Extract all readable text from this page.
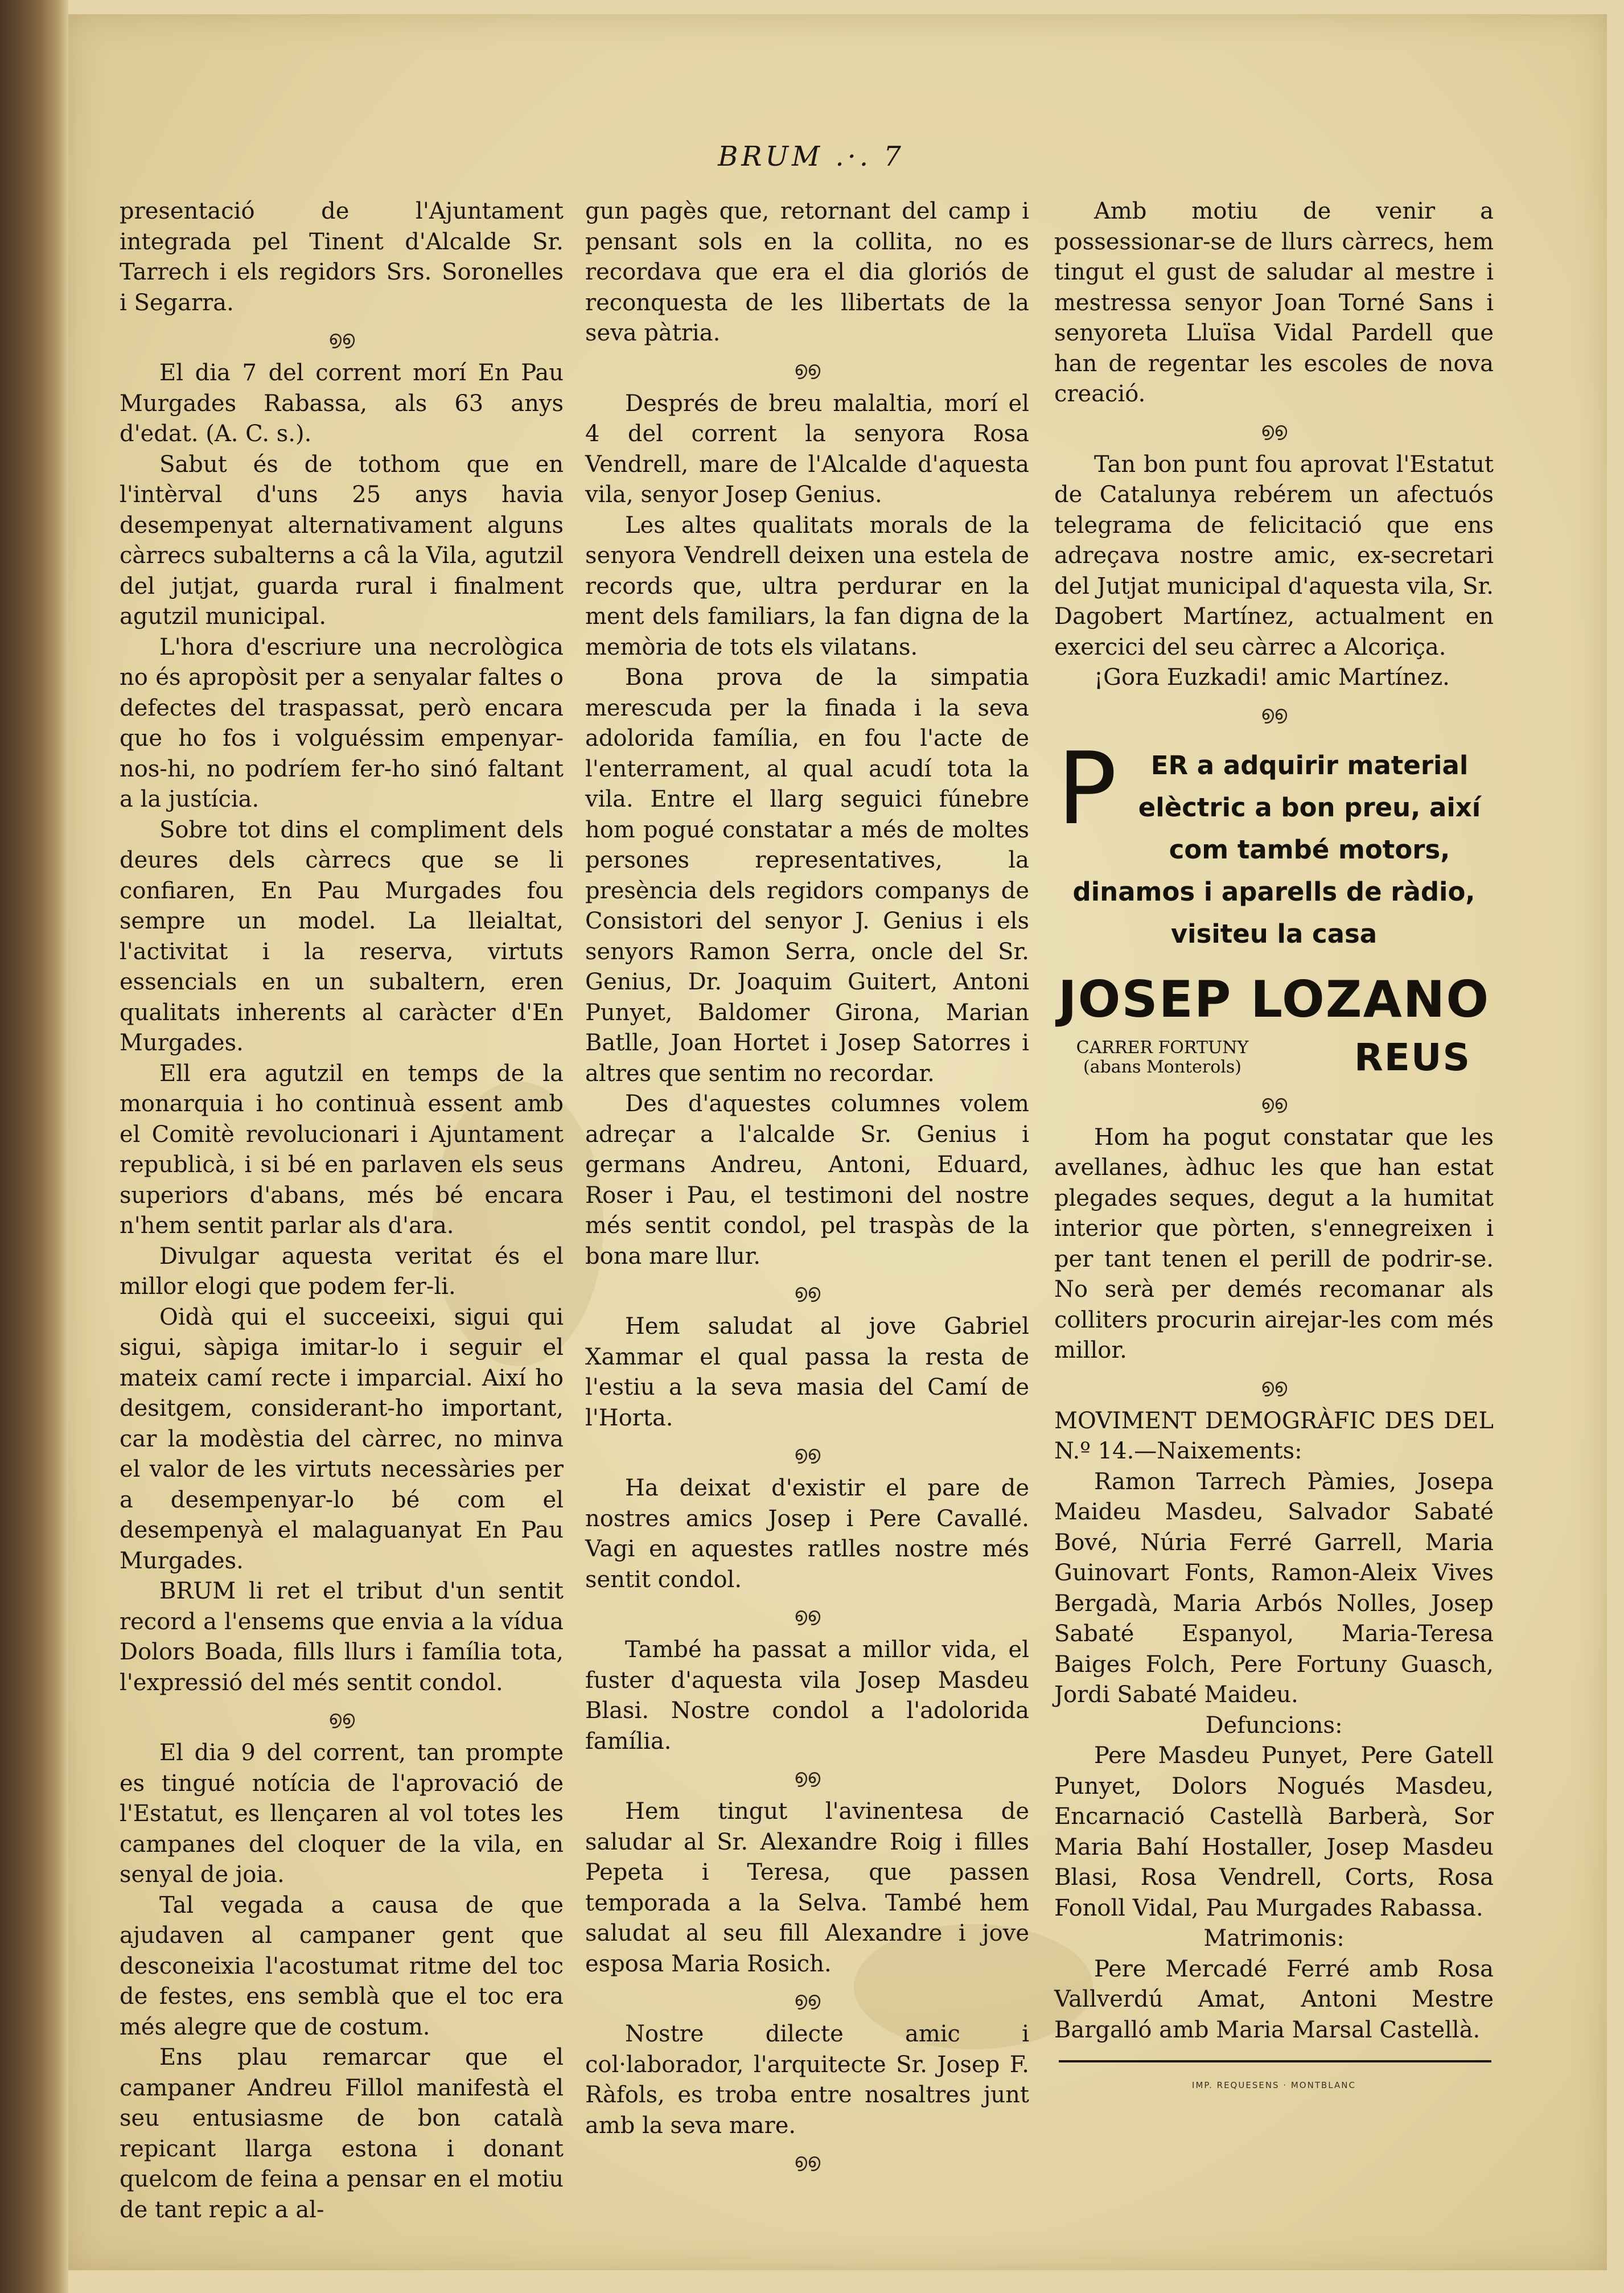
BRUM .·. 7

presentació de l'Ajuntament integrada pel Tinent d'Alcalde Sr. Tarrech i els regidors Srs. Soronelles i Segarra.

൭൭

El dia 7 del corrent morí En Pau Murgades Rabassa, als 63 anys d'edat. (A. C. s.).

Sabut és de tothom que en l'intèrval d'uns 25 anys havia desempenyat alternativament alguns càrrecs subalterns a câ la Vila, agutzil del jutjat, guarda rural i finalment agutzil municipal.

L'hora d'escriure una necrològica no és apropòsit per a senyalar faltes o defectes del traspassat, però encara que ho fos i volguéssim empenyar-nos-hi, no podríem fer-ho sinó faltant a la justícia.

Sobre tot dins el compliment dels deures dels càrrecs que se li confiaren, En Pau Murgades fou sempre un model. La lleialtat, l'activitat i la reserva, virtuts essencials en un subaltern, eren qualitats inherents al caràcter d'En Murgades.

Ell era agutzil en temps de la monarquia i ho continuà essent amb el Comitè revolucionari i Ajuntament republicà, i si bé en parlaven els seus superiors d'abans, més bé encara n'hem sentit parlar als d'ara.

Divulgar aquesta veritat és el millor elogi que podem fer-li.

Oidà qui el succeeixi, sigui qui sigui, sàpiga imitar-lo i seguir el mateix camí recte i imparcial. Així ho desitgem, considerant-ho important, car la modèstia del càrrec, no minva el valor de les virtuts necessàries per a desempenyar-lo bé com el desempenyà el malaguanyat En Pau Murgades.

BRUM li ret el tribut d'un sentit record a l'ensems que envia a la vídua Dolors Boada, fills llurs i família tota, l'expressió del més sentit condol.

൭൭

El dia 9 del corrent, tan prompte es tingué notícia de l'aprovació de l'Estatut, es llençaren al vol totes les campanes del cloquer de la vila, en senyal de joia.

Tal vegada a causa de que ajudaven al campaner gent que desconeixia l'acostumat ritme del toc de festes, ens semblà que el toc era més alegre que de costum.

Ens plau remarcar que el campaner Andreu Fillol manifestà el seu entusiasme de bon català repicant llarga estona i donant quelcom de feina a pensar en el motiu de tant repic a al-

gun pagès que, retornant del camp i pensant sols en la collita, no es recordava que era el dia gloriós de reconquesta de les llibertats de la seva pàtria.

൭൭

Després de breu malaltia, morí el 4 del corrent la senyora Rosa Vendrell, mare de l'Alcalde d'aquesta vila, senyor Josep Genius.

Les altes qualitats morals de la senyora Vendrell deixen una estela de records que, ultra perdurar en la ment dels familiars, la fan digna de la memòria de tots els vilatans.

Bona prova de la simpatia merescuda per la finada i la seva adolorida família, en fou l'acte de l'enterrament, al qual acudí tota la vila. Entre el llarg seguici fúnebre hom pogué constatar a més de moltes persones representatives, la presència dels regidors companys de Consistori del senyor J. Genius i els senyors Ramon Serra, oncle del Sr. Genius, Dr. Joaquim Guitert, Antoni Punyet, Baldomer Girona, Marian Batlle, Joan Hortet i Josep Satorres i altres que sentim no recordar.

Des d'aquestes columnes volem adreçar a l'alcalde Sr. Genius i germans Andreu, Antoni, Eduard, Roser i Pau, el testimoni del nostre més sentit condol, pel traspàs de la bona mare llur.

൭൭

Hem saludat al jove Gabriel Xammar el qual passa la resta de l'estiu a la seva masia del Camí de l'Horta.

൭൭

Ha deixat d'existir el pare de nostres amics Josep i Pere Cavallé. Vagi en aquestes ratlles nostre més sentit condol.

൭൭

També ha passat a millor vida, el fuster d'aquesta vila Josep Masdeu Blasi. Nostre condol a l'adolorida família.

൭൭

Hem tingut l'avinentesa de saludar al Sr. Alexandre Roig i filles Pepeta i Teresa, que passen temporada a la Selva. També hem saludat al seu fill Alexandre i jove esposa Maria Rosich.

൭൭

Nostre dilecte amic i col·laborador, l'arquitecte Sr. Josep F. Ràfols, es troba entre nosaltres junt amb la seva mare.

൭൭

Amb motiu de venir a possessionar-se de llurs càrrecs, hem tingut el gust de saludar al mestre i mestressa senyor Joan Torné Sans i senyoreta Lluïsa Vidal Pardell que han de regentar les escoles de nova creació.

൭൭

Tan bon punt fou aprovat l'Estatut de Catalunya rebérem un afectuós telegrama de felicitació que ens adreçava nostre amic, ex-secretari del Jutjat municipal d'aquesta vila, Sr. Dagobert Martínez, actualment en exercici del seu càrrec a Alcoriça.

¡Gora Euzkadi! amic Martínez.

൭൭
P ER a adquirir material elèctric a bon preu, així com també motors, dinamos i aparells de ràdio, visiteu la casa
JOSEP LOZANO
CARRER FORTUNY
(abans Monterols)	REUS
൭൭

Hom ha pogut constatar que les avellanes, àdhuc les que han estat plegades seques, degut a la humitat interior que pòrten, s'ennegreixen i per tant tenen el perill de podrir-se. No serà per demés recomanar als colliters procurin airejar-les com més millor.

൭൭

MOVIMENT DEMOGRÀFIC DES DEL N.º 14.—Naixements:

Ramon Tarrech Pàmies, Josepa Maideu Masdeu, Salvador Sabaté Bové, Núria Ferré Garrell, Maria Guinovart Fonts, Ramon-Aleix Vives Bergadà, Maria Arbós Nolles, Josep Sabaté Espanyol, Maria-Teresa Baiges Folch, Pere Fortuny Guasch, Jordi Sabaté Maideu.

Defuncions:

Pere Masdeu Punyet, Pere Gatell Punyet, Dolors Nogués Masdeu, Encarnació Castellà Barberà, Sor Maria Bahí Hostaller, Josep Masdeu Blasi, Rosa Vendrell, Corts, Rosa Fonoll Vidal, Pau Murgades Rabassa.

Matrimonis:

Pere Mercadé Ferré amb Rosa Vallverdú Amat, Antoni Mestre Bargalló amb Maria Marsal Castellà.

IMP. REQUESENS · MONTBLANC
